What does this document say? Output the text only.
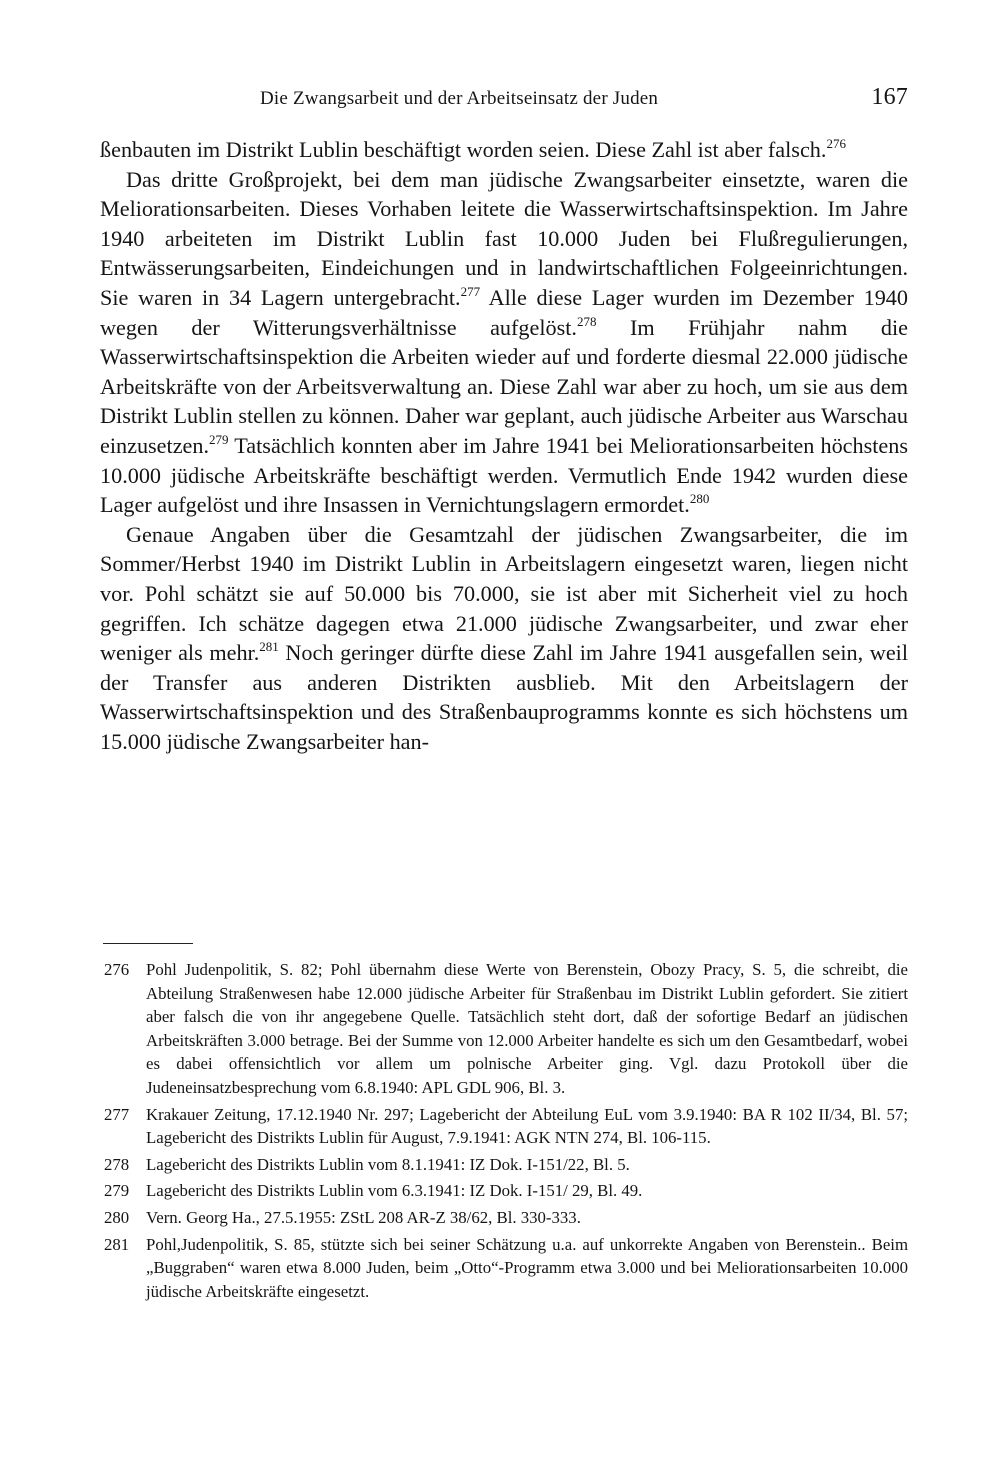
Die Zwangsarbeit und der Arbeitseinsatz der Juden	167

ßenbauten im Distrikt Lublin beschäftigt worden seien. Diese Zahl ist aber falsch.$^{276}$

Das dritte Großprojekt, bei dem man jüdische Zwangsarbeiter einsetzte, waren die Meliorationsarbeiten. Dieses Vorhaben leitete die Wasserwirtschaftsinspektion. Im Jahre 1940 arbeiteten im Distrikt Lublin fast 10.000 Juden bei Flußregulierungen, Entwässerungsarbeiten, Eindeichungen und in landwirtschaftlichen Folgeeinrichtungen. Sie waren in 34 Lagern untergebracht.$^{277}$ Alle diese Lager wurden im Dezember 1940 wegen der Witterungsverhältnisse aufgelöst.$^{278}$ Im Frühjahr nahm die Wasserwirtschaftsinspektion die Arbeiten wieder auf und forderte diesmal 22.000 jüdische Arbeitskräfte von der Arbeitsverwaltung an. Diese Zahl war aber zu hoch, um sie aus dem Distrikt Lublin stellen zu können. Daher war geplant, auch jüdische Arbeiter aus Warschau einzusetzen.$^{279}$ Tatsächlich konnten aber im Jahre 1941 bei Meliorationsarbeiten höchstens 10.000 jüdische Arbeitskräfte beschäftigt werden. Vermutlich Ende 1942 wurden diese Lager aufgelöst und ihre Insassen in Vernichtungslagern ermordet.$^{280}$

Genaue Angaben über die Gesamtzahl der jüdischen Zwangsarbeiter, die im Sommer/Herbst 1940 im Distrikt Lublin in Arbeitslagern eingesetzt waren, liegen nicht vor. Pohl schätzt sie auf 50.000 bis 70.000, sie ist aber mit Sicherheit viel zu hoch gegriffen. Ich schätze dagegen etwa 21.000 jüdische Zwangsarbeiter, und zwar eher weniger als mehr.$^{281}$ Noch geringer dürfte diese Zahl im Jahre 1941 ausgefallen sein, weil der Transfer aus anderen Distrikten ausblieb. Mit den Arbeitslagern der Wasserwirtschaftsinspektion und des Straßenbauprogramms konnte es sich höchstens um 15.000 jüdische Zwangsarbeiter han-

276 Pohl Judenpolitik, S. 82; Pohl übernahm diese Werte von Berenstein, Obozy Pracy, S. 5, die schreibt, die Abteilung Straßenwesen habe 12.000 jüdische Arbeiter für Straßenbau im Distrikt Lublin gefordert. Sie zitiert aber falsch die von ihr angegebene Quelle. Tatsächlich steht dort, daß der sofortige Bedarf an jüdischen Arbeitskräften 3.000 betrage. Bei der Summe von 12.000 Arbeiter handelte es sich um den Gesamtbedarf, wobei es dabei offensichtlich vor allem um polnische Arbeiter ging. Vgl. dazu Protokoll über die Judeneinsatzbesprechung vom 6.8.1940: APL GDL 906, Bl. 3.
277 Krakauer Zeitung, 17.12.1940 Nr. 297; Lagebericht der Abteilung EuL vom 3.9.1940: BA R 102 II/34, Bl. 57; Lagebericht des Distrikts Lublin für August, 7.9.1941: AGK NTN 274, Bl. 106-115.
278 Lagebericht des Distrikts Lublin vom 8.1.1941: IZ Dok. I-151/22, Bl. 5.
279 Lagebericht des Distrikts Lublin vom 6.3.1941: IZ Dok. I-151/ 29, Bl. 49.
280 Vern. Georg Ha., 27.5.1955: ZStL 208 AR-Z 38/62, Bl. 330-333.
281 Pohl,Judenpolitik, S. 85, stützte sich bei seiner Schätzung u.a. auf unkorrekte Angaben von Berenstein.. Beim „Buggraben“ waren etwa 8.000 Juden, beim „Otto“-Programm etwa 3.000 und bei Meliorationsarbeiten 10.000 jüdische Arbeitskräfte eingesetzt.
